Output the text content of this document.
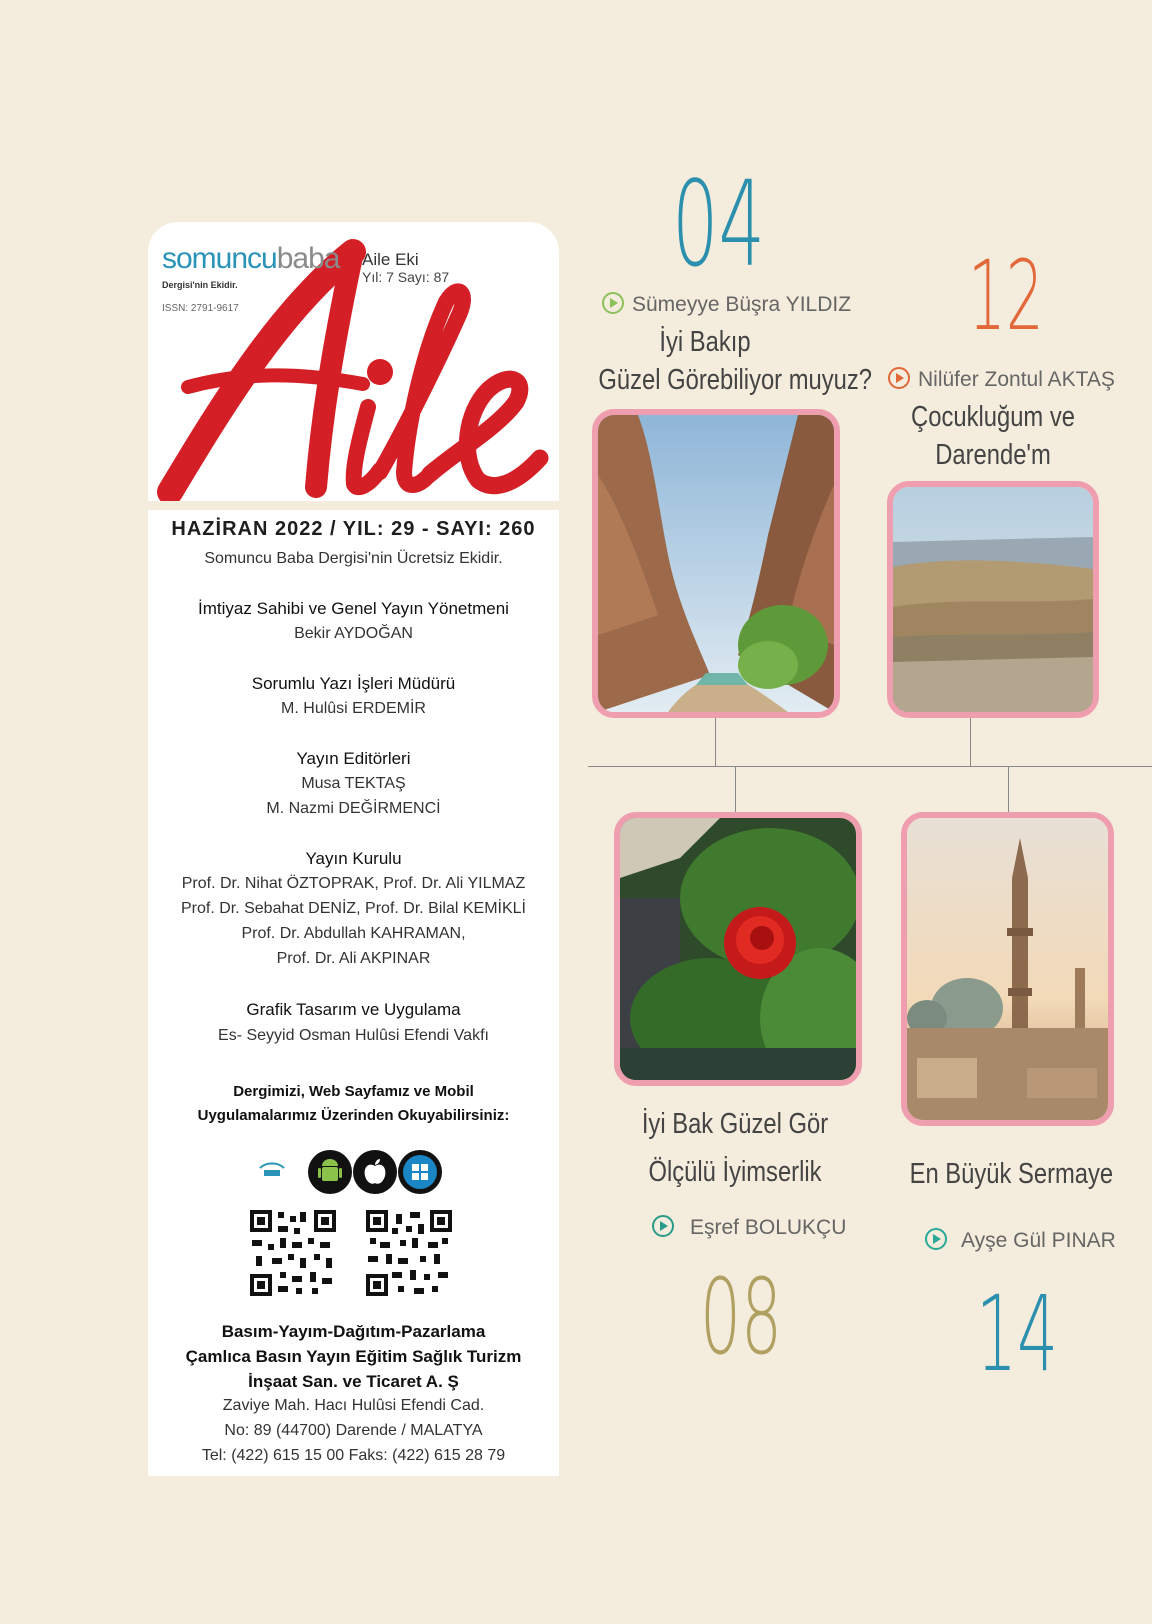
somuncubaba
Dergisi'nin Ekidir.
ISSN: 2791-9617
Aile Eki
Yıl: 7 Sayı: 87
HAZİRAN 2022 / YIL: 29 - SAYI: 260
Somuncu Baba Dergisi'nin Ücretsiz Ekidir.
İmtiyaz Sahibi ve Genel Yayın Yönetmeni
Bekir AYDOĞAN
Sorumlu Yazı İşleri Müdürü
M. Hulûsi ERDEMİR
Yayın Editörleri
Musa TEKTAŞ
M. Nazmi DEĞİRMENCİ
Yayın Kurulu
Prof. Dr. Nihat ÖZTOPRAK, Prof. Dr. Ali YILMAZ
Prof. Dr. Sebahat DENİZ, Prof. Dr. Bilal KEMİKLİ
Prof. Dr. Abdullah KAHRAMAN,
Prof. Dr. Ali AKPINAR
Grafik Tasarım ve Uygulama
Es- Seyyid Osman Hulûsi Efendi Vakfı
Dergimizi, Web Sayfamız ve Mobil
Uygulamalarımız Üzerinden Okuyabilirsiniz:
Basım-Yayım-Dağıtım-Pazarlama
Çamlıca Basın Yayın Eğitim Sağlık Turizm
İnşaat San. ve Ticaret A. Ş
Zaviye Mah. Hacı Hulûsi Efendi Cad.
No: 89 (44700) Darende / MALATYA
Tel: (422) 615 15 00 Faks: (422) 615 28 79
04
Sümeyye Büşra YILDIZ
İyi Bakıp
Güzel Görebiliyor muyuz?
12
Nilüfer Zontul AKTAŞ
Çocukluğum ve
Darende'm
İyi Bak Güzel Gör
Ölçülü İyimserlik
Eşref BOLUKÇU
08
En Büyük Sermaye
Ayşe Gül PINAR
14
